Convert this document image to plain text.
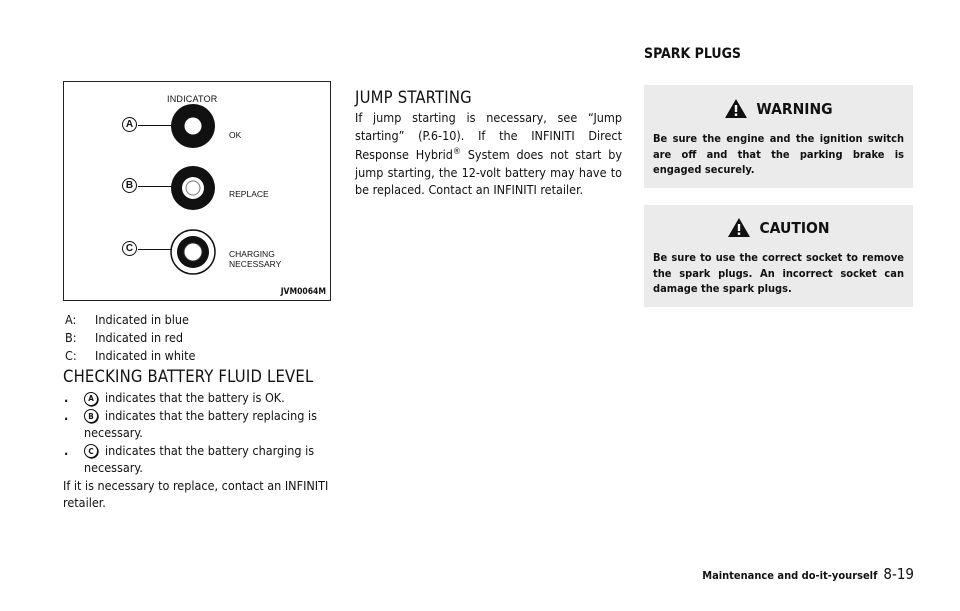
INDICATOR
A
OK
B
REPLACE
C	CHARGING
NECESSARY
JVM0064M
A:	Indicated in blue
B:	Indicated in red
C:	Indicated in white
CHECKING BATTERY FLUID LEVEL

. A indicates that the battery is OK.

. B indicates that the battery replacing is necessary.

.	C indicates that the battery charging is necessary.

If it is necessary to replace, contact an INFINITI retailer.

JUMP STARTING

If jump starting is necessary, see “Jump starting” (P.6-10). If the INFINITI Direct Response Hybrid® System does not start by jump starting, the 12-volt battery may have to be replaced. Contact an INFINITI retailer.

SPARK PLUGS
WARNING

Be sure the engine and the ignition switch are off and that the parking brake is engaged securely.

CAUTION

Be sure to use the correct socket to remove the spark plugs. An incorrect socket can damage the spark plugs.

Maintenance and do-it-yourself 8-19
